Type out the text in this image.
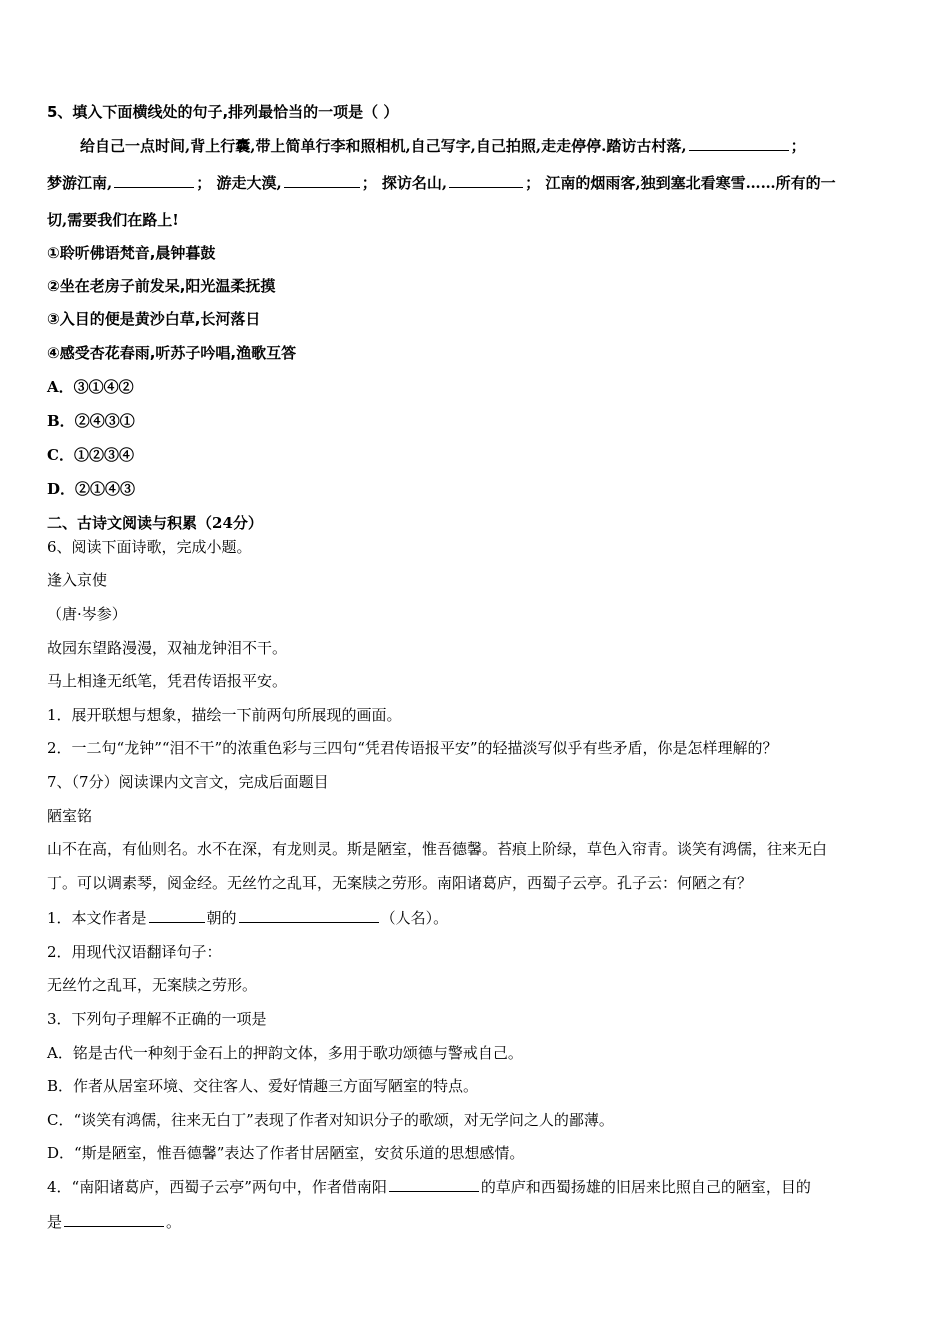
5、填入下面横线处的句子,排列最恰当的一项是（ ）
给自己一点时间,背上行囊,带上简单行李和照相机,自己写字,自己拍照,走走停停.踏访古村落,	；
梦游江南,	； 游走大漠,	； 探访名山,	； 江南的烟雨客,独到塞北看寒雪……所有的一
切,需要我们在路上!
①聆听佛语梵音,晨钟暮鼓
②坐在老房子前发呆,阳光温柔抚摸
③入目的便是黄沙白草,长河落日
④感受杏花春雨,听苏子吟唱,渔歌互答
A．③①④②
B．②④③①
C．①②③④
D．②①④③
二、古诗文阅读与积累（24分）
6、阅读下面诗歌，完成小题。
逢入京使
（唐·岑参）
故园东望路漫漫，双袖龙钟泪不干。
马上相逢无纸笔，凭君传语报平安。
1．展开联想与想象，描绘一下前两句所展现的画面。
2．一二句“龙钟”“泪不干”的浓重色彩与三四句“凭君传语报平安”的轻描淡写似乎有些矛盾，你是怎样理解的？
7、（7分）阅读课内文言文，完成后面题目
陋室铭
山不在高，有仙则名。水不在深，有龙则灵。斯是陋室，惟吾德馨。苔痕上阶绿，草色入帘青。谈笑有鸿儒，往来无白
丁。可以调素琴，阅金经。无丝竹之乱耳，无案牍之劳形。南阳诸葛庐，西蜀子云亭。孔子云：何陋之有？
1．本文作者是	朝的	（人名）。
2．用现代汉语翻译句子：
无丝竹之乱耳，无案牍之劳形。
3．下列句子理解不正确的一项是
A．铭是古代一种刻于金石上的押韵文体，多用于歌功颂德与警戒自己。
B．作者从居室环境、交往客人、爱好情趣三方面写陋室的特点。
C．“谈笑有鸿儒，往来无白丁”表现了作者对知识分子的歌颂，对无学问之人的鄙薄。
D．“斯是陋室，惟吾德馨”表达了作者甘居陋室，安贫乐道的思想感情。
4．“南阳诸葛庐，西蜀子云亭”两句中，作者借南阳	的草庐和西蜀扬雄的旧居来比照自己的陋室，目的
是	。
